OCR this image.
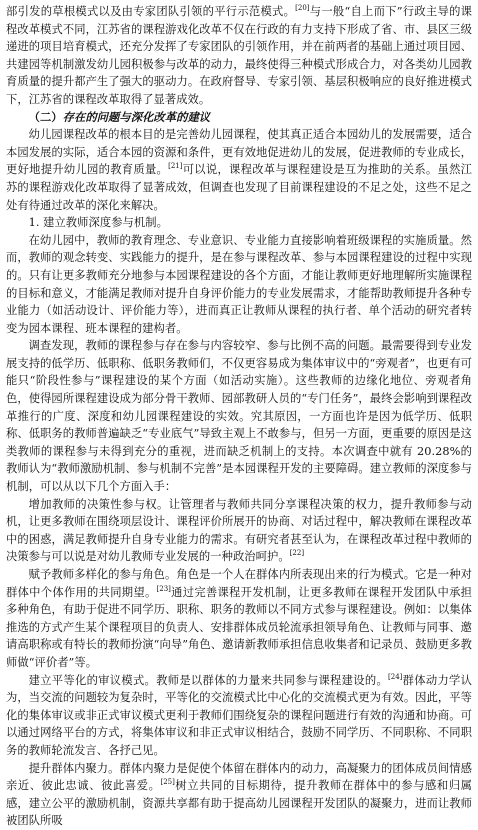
部引发的草根模式以及由专家团队引领的平行示范模式。[20]与一般“自上而下”行政主导的课程改革模式不同，江苏省的课程游戏化改革不仅在行政的有力支持下形成了省、市、县区三级递进的项目培育模式，还充分发挥了专家团队的引领作用，并在前两者的基础上通过项目园、共建园等机制激发幼儿园积极参与改革的动力，最终使得三种模式形成合力，对各类幼儿园教育质量的提升都产生了强大的驱动力。在政府督导、专家引领、基层积极响应的良好推进模式下，江苏省的课程改革取得了显著成效。

（二）存在的问题与深化改革的建议

幼儿园课程改革的根本目的是完善幼儿园课程，使其真正适合本园幼儿的发展需要，适合本园发展的实际，适合本园的资源和条件，更有效地促进幼儿的发展，促进教师的专业成长，更好地提升幼儿园的教育质量。[21]可以说，课程改革与课程建设是互为推助的关系。虽然江苏的课程游戏化改革取得了显著成效，但调查也发现了目前课程建设的不足之处，这些不足之处有待通过改革的深化来解决。

1. 建立教师深度参与机制。

在幼儿园中，教师的教育理念、专业意识、专业能力直接影响着班级课程的实施质量。然而，教师的观念转变、实践能力的提升，是在参与课程改革、参与本园课程建设的过程中实现的。只有让更多教师充分地参与本园课程建设的各个方面，才能让教师更好地理解所实施课程的目标和意义，才能满足教师对提升自身评价能力的专业发展需求，才能帮助教师提升各种专业能力（如活动设计、评价能力等），进而真正让教师从课程的执行者、单个活动的研究者转变为园本课程、班本课程的建构者。

调查发现，教师的课程参与存在参与内容较窄、参与比例不高的问题。最需要得到专业发展支持的低学历、低职称、低职务教师们，不仅更容易成为集体审议中的“旁观者”，也更有可能只“阶段性参与”课程建设的某个方面（如活动实施）。这些教师的边缘化地位、旁观者角色，使得园所课程建设成为部分骨干教师、园部教研人员的“专门任务”，最终会影响到课程改革推行的广度、深度和幼儿园课程建设的实效。究其原因，一方面也许是因为低学历、低职称、低职务的教师普遍缺乏“专业底气”导致主观上不敢参与，但另一方面，更重要的原因是这类教师的课程参与未得到充分的重视，进而缺乏机制上的支持。本次调查中就有 20.28%的教师认为“教师激励机制、参与机制不完善”是本园课程开发的主要障碍。建立教师的深度参与机制，可以从以下几个方面入手：

增加教师的决策性参与权。让管理者与教师共同分享课程决策的权力，提升教师参与动机，让更多教师在围绕项层设计、课程评价所展开的协商、对话过程中，解决教师在课程改革中的困惑，满足教师提升自身专业能力的需求。有研究者甚至认为，在课程改革过程中教师的决策参与可以说是对幼儿教师专业发展的一种政治呵护。[22]

赋予教师多样化的参与角色。角色是一个人在群体内所表现出来的行为模式。它是一种对群体中个体作用的共同期望。[23]通过完善课程开发机制，让更多教师在课程开发团队中承担多种角色，有助于促进不同学历、职称、职务的教师以不同方式参与课程建设。例如：以集体推选的方式产生某个课程项目的负责人、安排群体成员轮流承担领导角色、让教师与同事、邀请高职称或有特长的教师扮演“向导”角色、邀请新教师承担信息收集者和记录员、鼓励更多教师做“评价者”等。

建立平等化的审议模式。教师是以群体的力量来共同参与课程建设的。[24]群体动力学认为，当交流的问题较为复杂时，平等化的交流模式比中心化的交流模式更为有效。因此，平等化的集体审议或非正式审议模式更利于教师们围绕复杂的课程问题进行有效的沟通和协商。可以通过网络平台的方式，将集体审议和非正式审议相结合，鼓励不同学历、不同职称、不同职务的教师轮流发言、各抒己见。

提升群体内聚力。群体内聚力是促使个体留在群体内的动力，高凝聚力的团体成员间情感亲近、彼此忠诚、彼此喜爱。[25]树立共同的目标期待，提升教师在群体中的参与感和归属感，建立公平的激励机制，资源共享都有助于提高幼儿园课程开发团队的凝聚力，进而让教师被团队所吸
